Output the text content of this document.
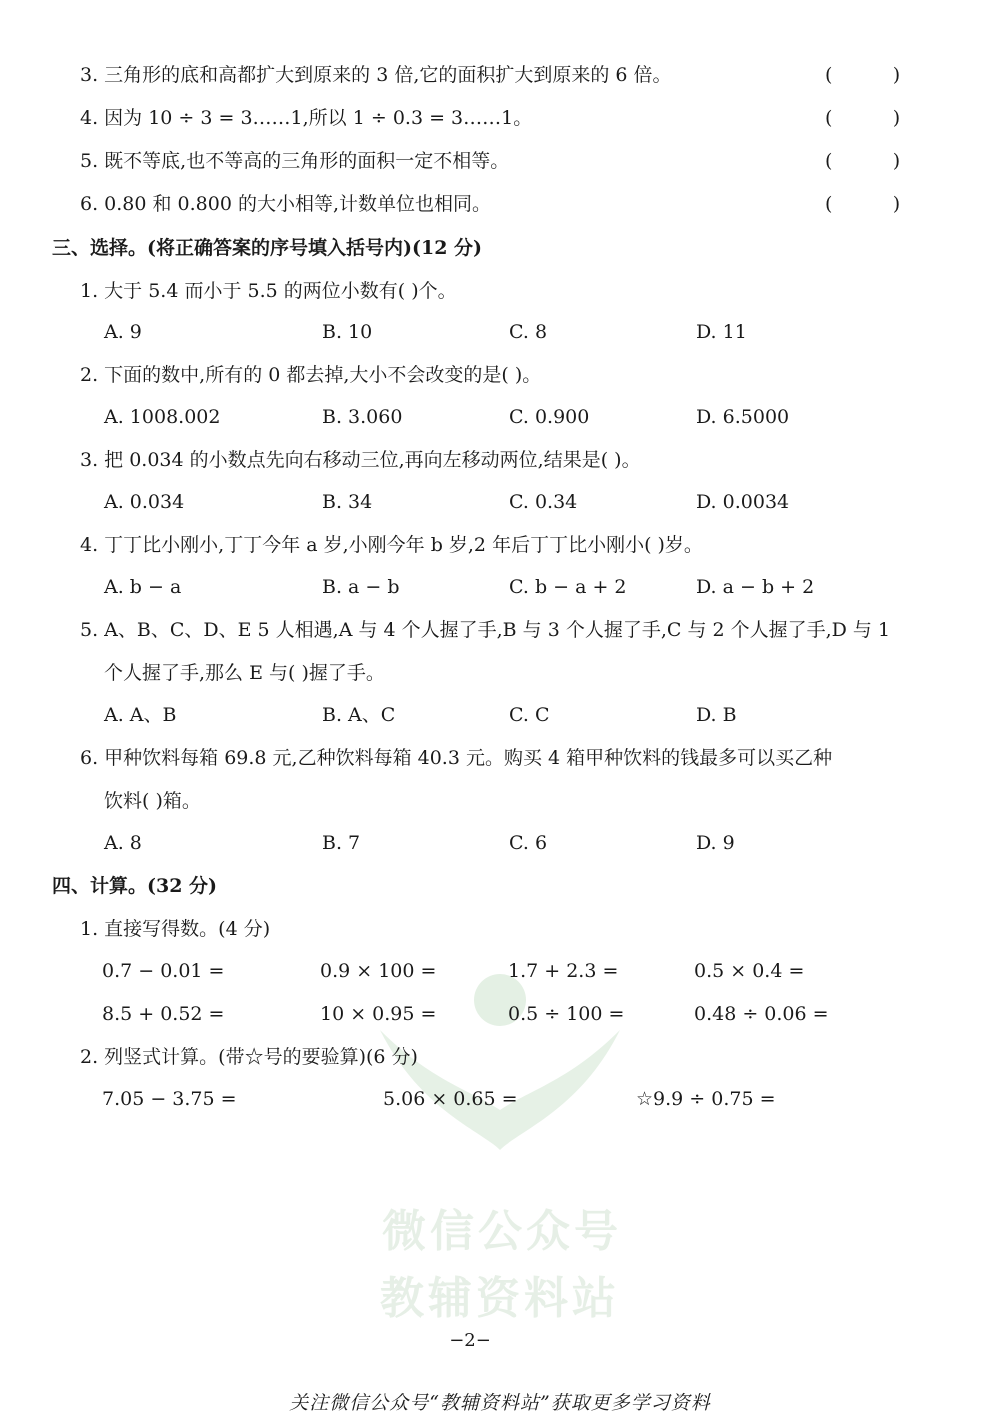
微信公众号
教辅资料站
3. 三角形的底和高都扩大到原来的 3 倍,它的面积扩大到原来的 6 倍。	(          )
4. 因为 10 ÷ 3 = 3……1,所以 1 ÷ 0.3 = 3……1。	(          )
5. 既不等底,也不等高的三角形的面积一定不相等。	(          )
6. 0.80 和 0.800 的大小相等,计数单位也相同。	(          )
三、选择。(将正确答案的序号填入括号内)(12 分)
1. 大于 5.4 而小于 5.5 的两位小数有( )个。
A. 9	B. 10	C. 8	D. 11
2. 下面的数中,所有的 0 都去掉,大小不会改变的是( )。
A. 1008.002	B. 3.060	C. 0.900	D. 6.5000
3. 把 0.034 的小数点先向右移动三位,再向左移动两位,结果是( )。
A. 0.034	B. 34	C. 0.34	D. 0.0034
4. 丁丁比小刚小,丁丁今年 a 岁,小刚今年 b 岁,2 年后丁丁比小刚小( )岁。
A. b − a	B. a − b	C. b − a + 2	D. a − b + 2
5. A、B、C、D、E 5 人相遇,A 与 4 个人握了手,B 与 3 个人握了手,C 与 2 个人握了手,D 与 1
个人握了手,那么 E 与( )握了手。
A. A、B	B. A、C	C. C	D. B
6. 甲种饮料每箱 69.8 元,乙种饮料每箱 40.3 元。购买 4 箱甲种饮料的钱最多可以买乙种
饮料( )箱。
A. 8	B. 7	C. 6	D. 9
四、计算。(32 分)
1. 直接写得数。(4 分)
0.7 − 0.01 =	0.9 × 100 =	1.7 + 2.3 =	0.5 × 0.4 =
8.5 + 0.52 =	10 × 0.95 =	0.5 ÷ 100 =	0.48 ÷ 0.06 =
2. 列竖式计算。(带☆号的要验算)(6 分)
7.05 − 3.75 =	5.06 × 0.65 =	☆9.9 ÷ 0.75 =
−2−
关注微信公众号“教辅资料站”获取更多学习资料
